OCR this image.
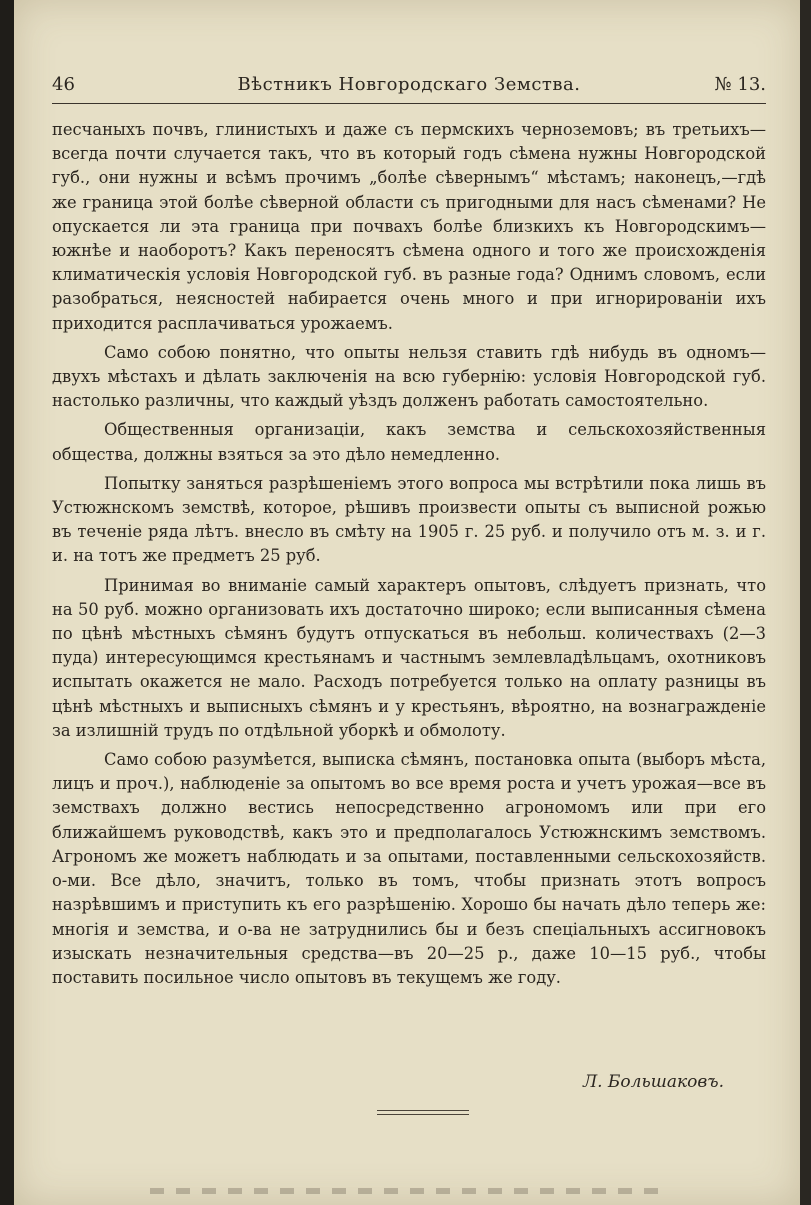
46	Вѣстникъ Новгородскаго Земства.	№ 13.

песчаныхъ почвъ, глинистыхъ и даже съ пермскихъ черноземовъ; въ третьихъ—всегда почти случается такъ, что въ который годъ сѣмена нужны Новгородской губ., они нужны и всѣмъ прочимъ „болѣе сѣвернымъ“ мѣстамъ; наконецъ,—гдѣ же граница этой болѣе сѣверной области съ пригодными для насъ сѣменами? Не опускается ли эта граница при почвахъ болѣе близкихъ къ Новгородскимъ—южнѣе и наоборотъ? Какъ переносятъ сѣмена одного и того же происхожденія климатическія условія Новгородской губ. въ разные года? Однимъ словомъ, если разобраться, неясностей набирается очень много и при игнорированіи ихъ приходится расплачиваться урожаемъ.

Само собою понятно, что опыты нельзя ставить гдѣ нибудь въ одномъ—двухъ мѣстахъ и дѣлать заключенія на всю губернію: условія Новгородской губ. настолько различны, что каждый уѣздъ долженъ работать самостоятельно.

Общественныя организаціи, какъ земства и сельскохозяйственныя общества, должны взяться за это дѣло немедленно.

Попытку заняться разрѣшеніемъ этого вопроса мы встрѣтили пока лишь въ Устюжнскомъ земствѣ, которое, рѣшивъ произвести опыты съ выписной рожью въ теченіе ряда лѣтъ. внесло въ смѣту на 1905 г. 25 руб. и получило отъ м. з. и г. и. на тотъ же предметъ 25 руб.

Принимая во вниманіе самый характеръ опытовъ, слѣдуетъ признать, что на 50 руб. можно организовать ихъ достаточно широко; если выписанныя сѣмена по цѣнѣ мѣстныхъ сѣмянъ будутъ отпускаться въ небольш. количествахъ (2—3 пуда) интересующимся крестьянамъ и частнымъ землевладѣльцамъ, охотниковъ испытать окажется не мало. Расходъ потребуется только на оплату разницы въ цѣнѣ мѣстныхъ и выписныхъ сѣмянъ и у крестьянъ, вѣроятно, на вознагражденіе за излишній трудъ по отдѣльной уборкѣ и обмолоту.

Само собою разумѣется, выписка сѣмянъ, постановка опыта (выборъ мѣста, лицъ и проч.), наблюденіе за опытомъ во все время роста и учетъ урожая—все въ земствахъ должно вестись непосредственно агрономомъ или при его ближайшемъ руководствѣ, какъ это и предполагалось Устюжнскимъ земствомъ. Агрономъ же можетъ наблюдать и за опытами, поставленными сельскохозяйств. о-ми. Все дѣло, значитъ, только въ томъ, чтобы признать этотъ вопросъ назрѣвшимъ и приступить къ его разрѣшенію. Хорошо бы начать дѣло теперь же: многія и земства, и о-ва не затруднились бы и безъ спеціальныхъ ассигновокъ изыскать незначительныя средства—въ 20—25 р., даже 10—15 руб., чтобы поставить посильное число опытовъ въ текущемъ же году.

Л. Большаковъ.
